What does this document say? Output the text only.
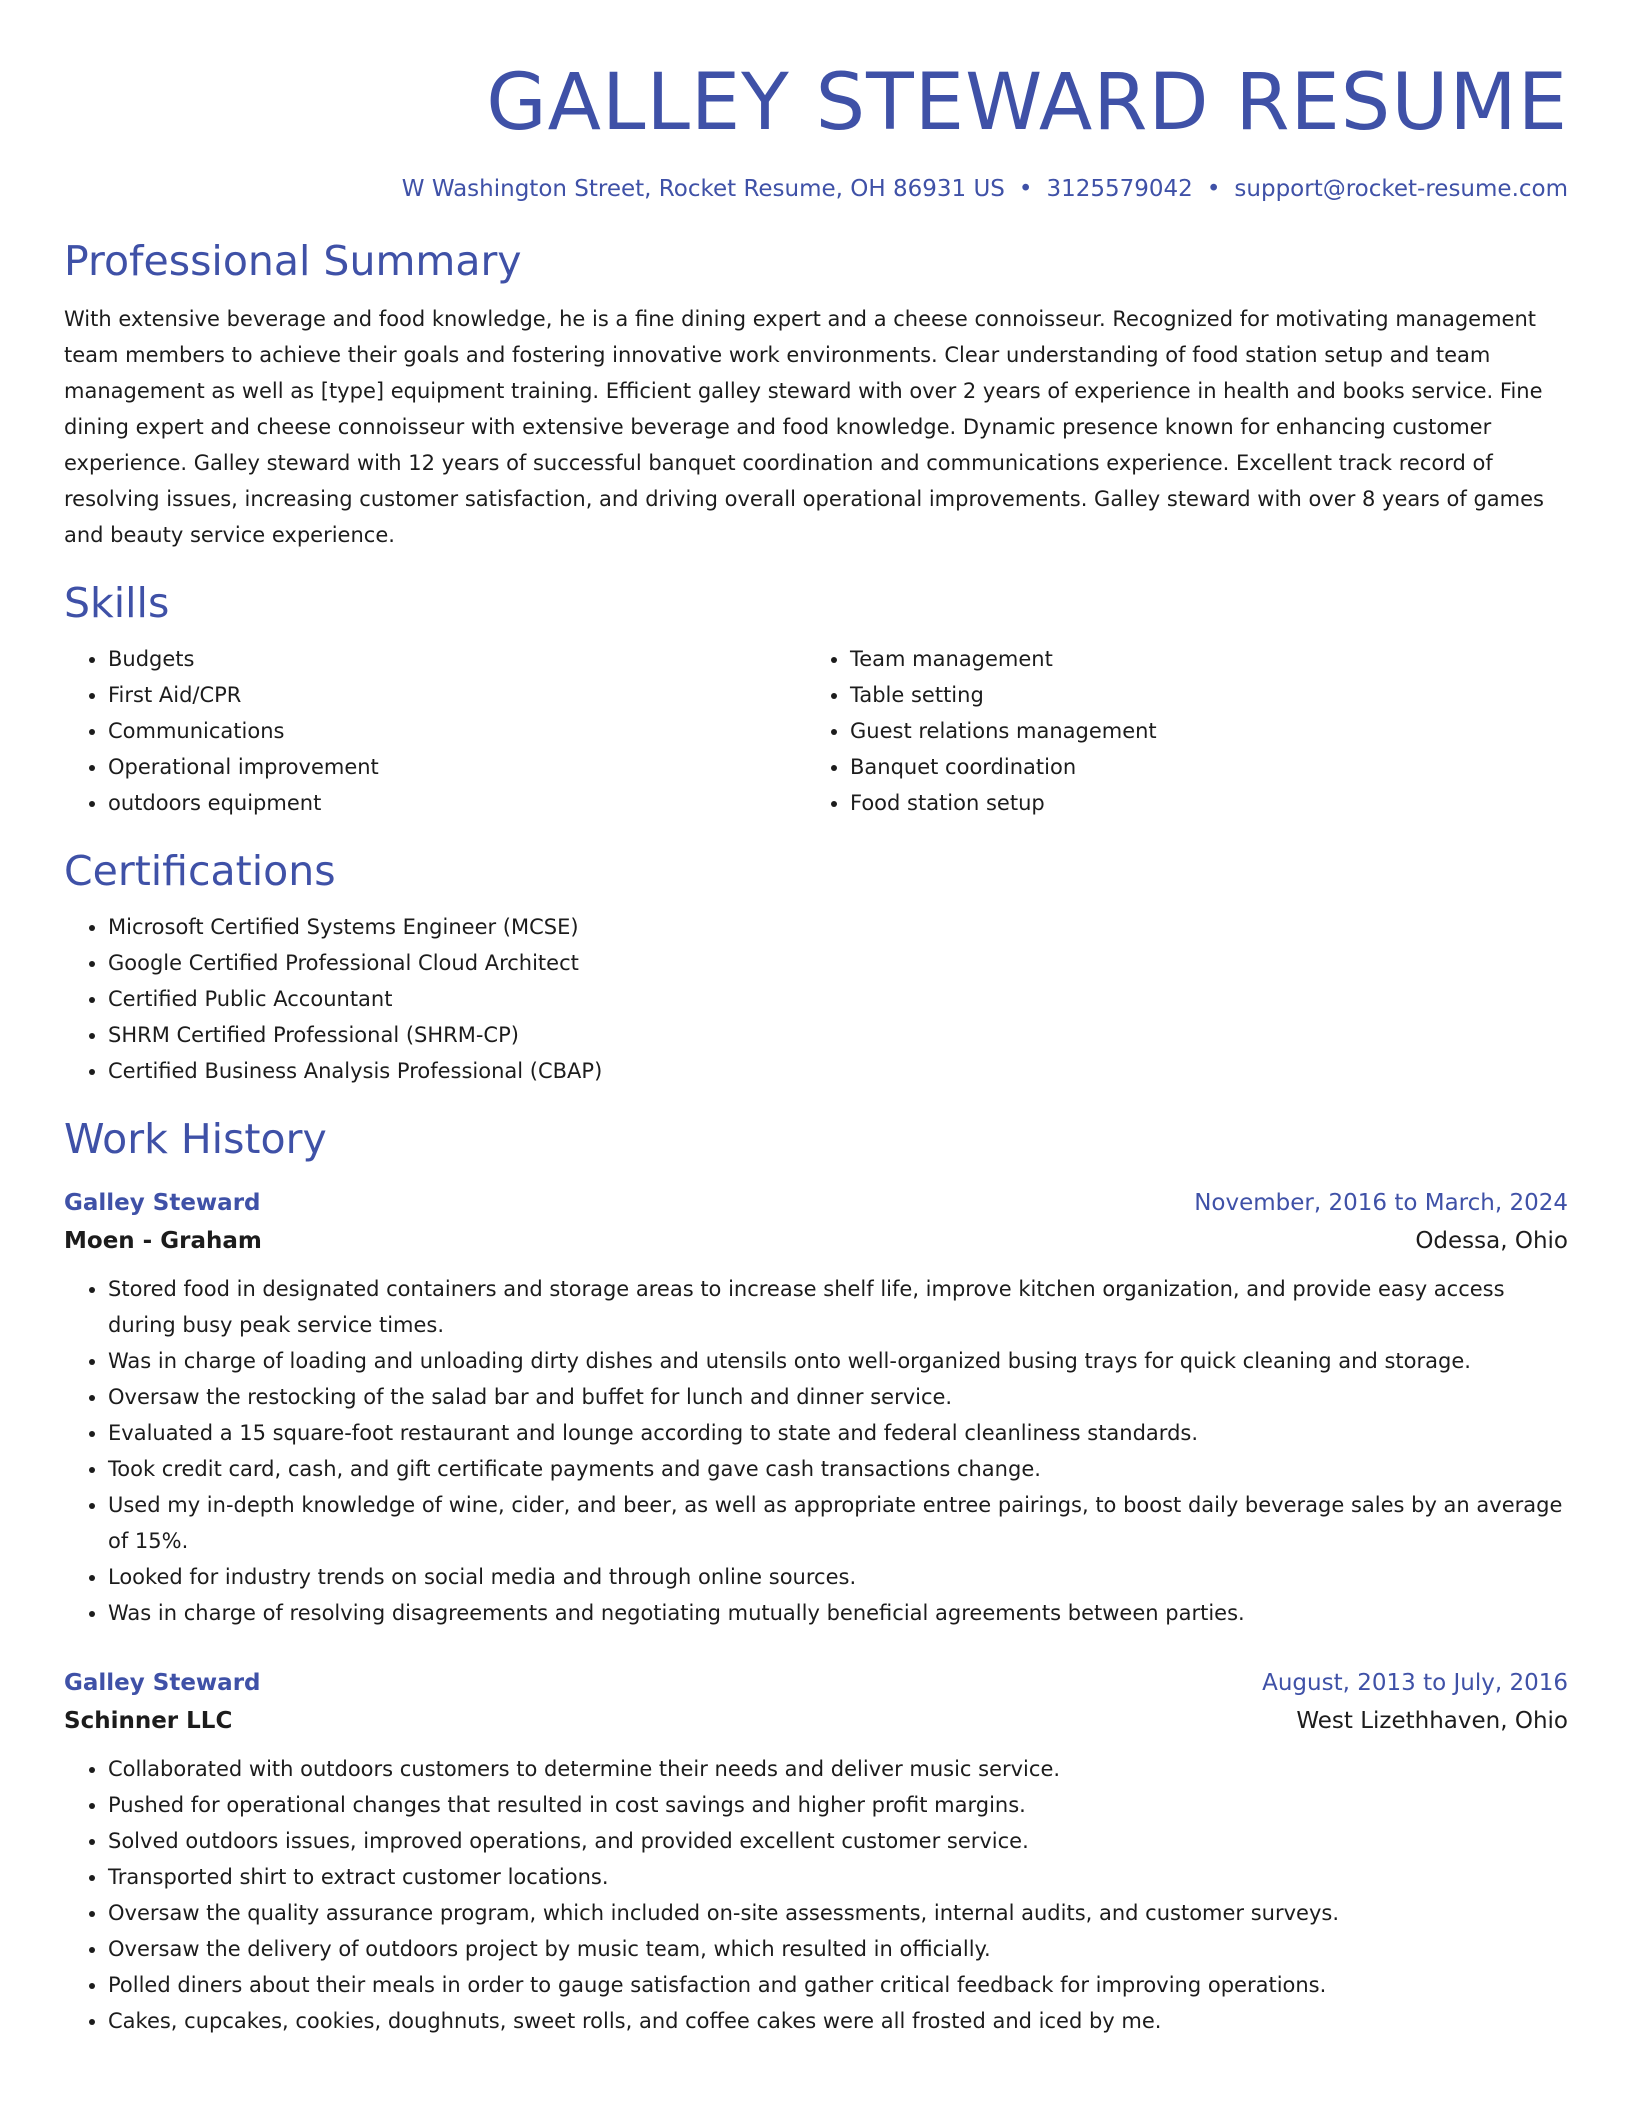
GALLEY STEWARD RESUME
W Washington Street, Rocket Resume, OH 86931 US • 3125579042 • support@rocket-resume.com
Professional Summary

With extensive beverage and food knowledge, he is a fine dining expert and a cheese connoisseur. Recognized for motivating management team members to achieve their goals and fostering innovative work environments. Clear understanding of food station setup and team management as well as [type] equipment training. Efficient galley steward with over 2 years of experience in health and books service. Fine dining expert and cheese connoisseur with extensive beverage and food knowledge. Dynamic presence known for enhancing customer experience. Galley steward with 12 years of successful banquet coordination and communications experience. Excellent track record of resolving issues, increasing customer satisfaction, and driving overall operational improvements. Galley steward with over 8 years of games and beauty service experience.

Skills
• Budgets
• First Aid/CPR
• Communications
• Operational improvement
• outdoors equipment
• Team management
• Table setting
• Guest relations management
• Banquet coordination
• Food station setup
Certifications
• Microsoft Certified Systems Engineer (MCSE)
• Google Certified Professional Cloud Architect
• Certified Public Accountant
• SHRM Certified Professional (SHRM-CP)
• Certified Business Analysis Professional (CBAP)
Work History
Galley Steward	November, 2016 to March, 2024
Moen - Graham	Odessa, Ohio
• Stored food in designated containers and storage areas to increase shelf life, improve kitchen organization, and provide easy access during busy peak service times.
• Was in charge of loading and unloading dirty dishes and utensils onto well-organized busing trays for quick cleaning and storage.
• Oversaw the restocking of the salad bar and buffet for lunch and dinner service.
• Evaluated a 15 square-foot restaurant and lounge according to state and federal cleanliness standards.
• Took credit card, cash, and gift certificate payments and gave cash transactions change.
• Used my in-depth knowledge of wine, cider, and beer, as well as appropriate entree pairings, to boost daily beverage sales by an average of 15%.
• Looked for industry trends on social media and through online sources.
• Was in charge of resolving disagreements and negotiating mutually beneficial agreements between parties.
Galley Steward	August, 2013 to July, 2016
Schinner LLC	West Lizethhaven, Ohio
• Collaborated with outdoors customers to determine their needs and deliver music service.
• Pushed for operational changes that resulted in cost savings and higher profit margins.
• Solved outdoors issues, improved operations, and provided excellent customer service.
• Transported shirt to extract customer locations.
• Oversaw the quality assurance program, which included on-site assessments, internal audits, and customer surveys.
• Oversaw the delivery of outdoors project by music team, which resulted in officially.
• Polled diners about their meals in order to gauge satisfaction and gather critical feedback for improving operations.
• Cakes, cupcakes, cookies, doughnuts, sweet rolls, and coffee cakes were all frosted and iced by me.
